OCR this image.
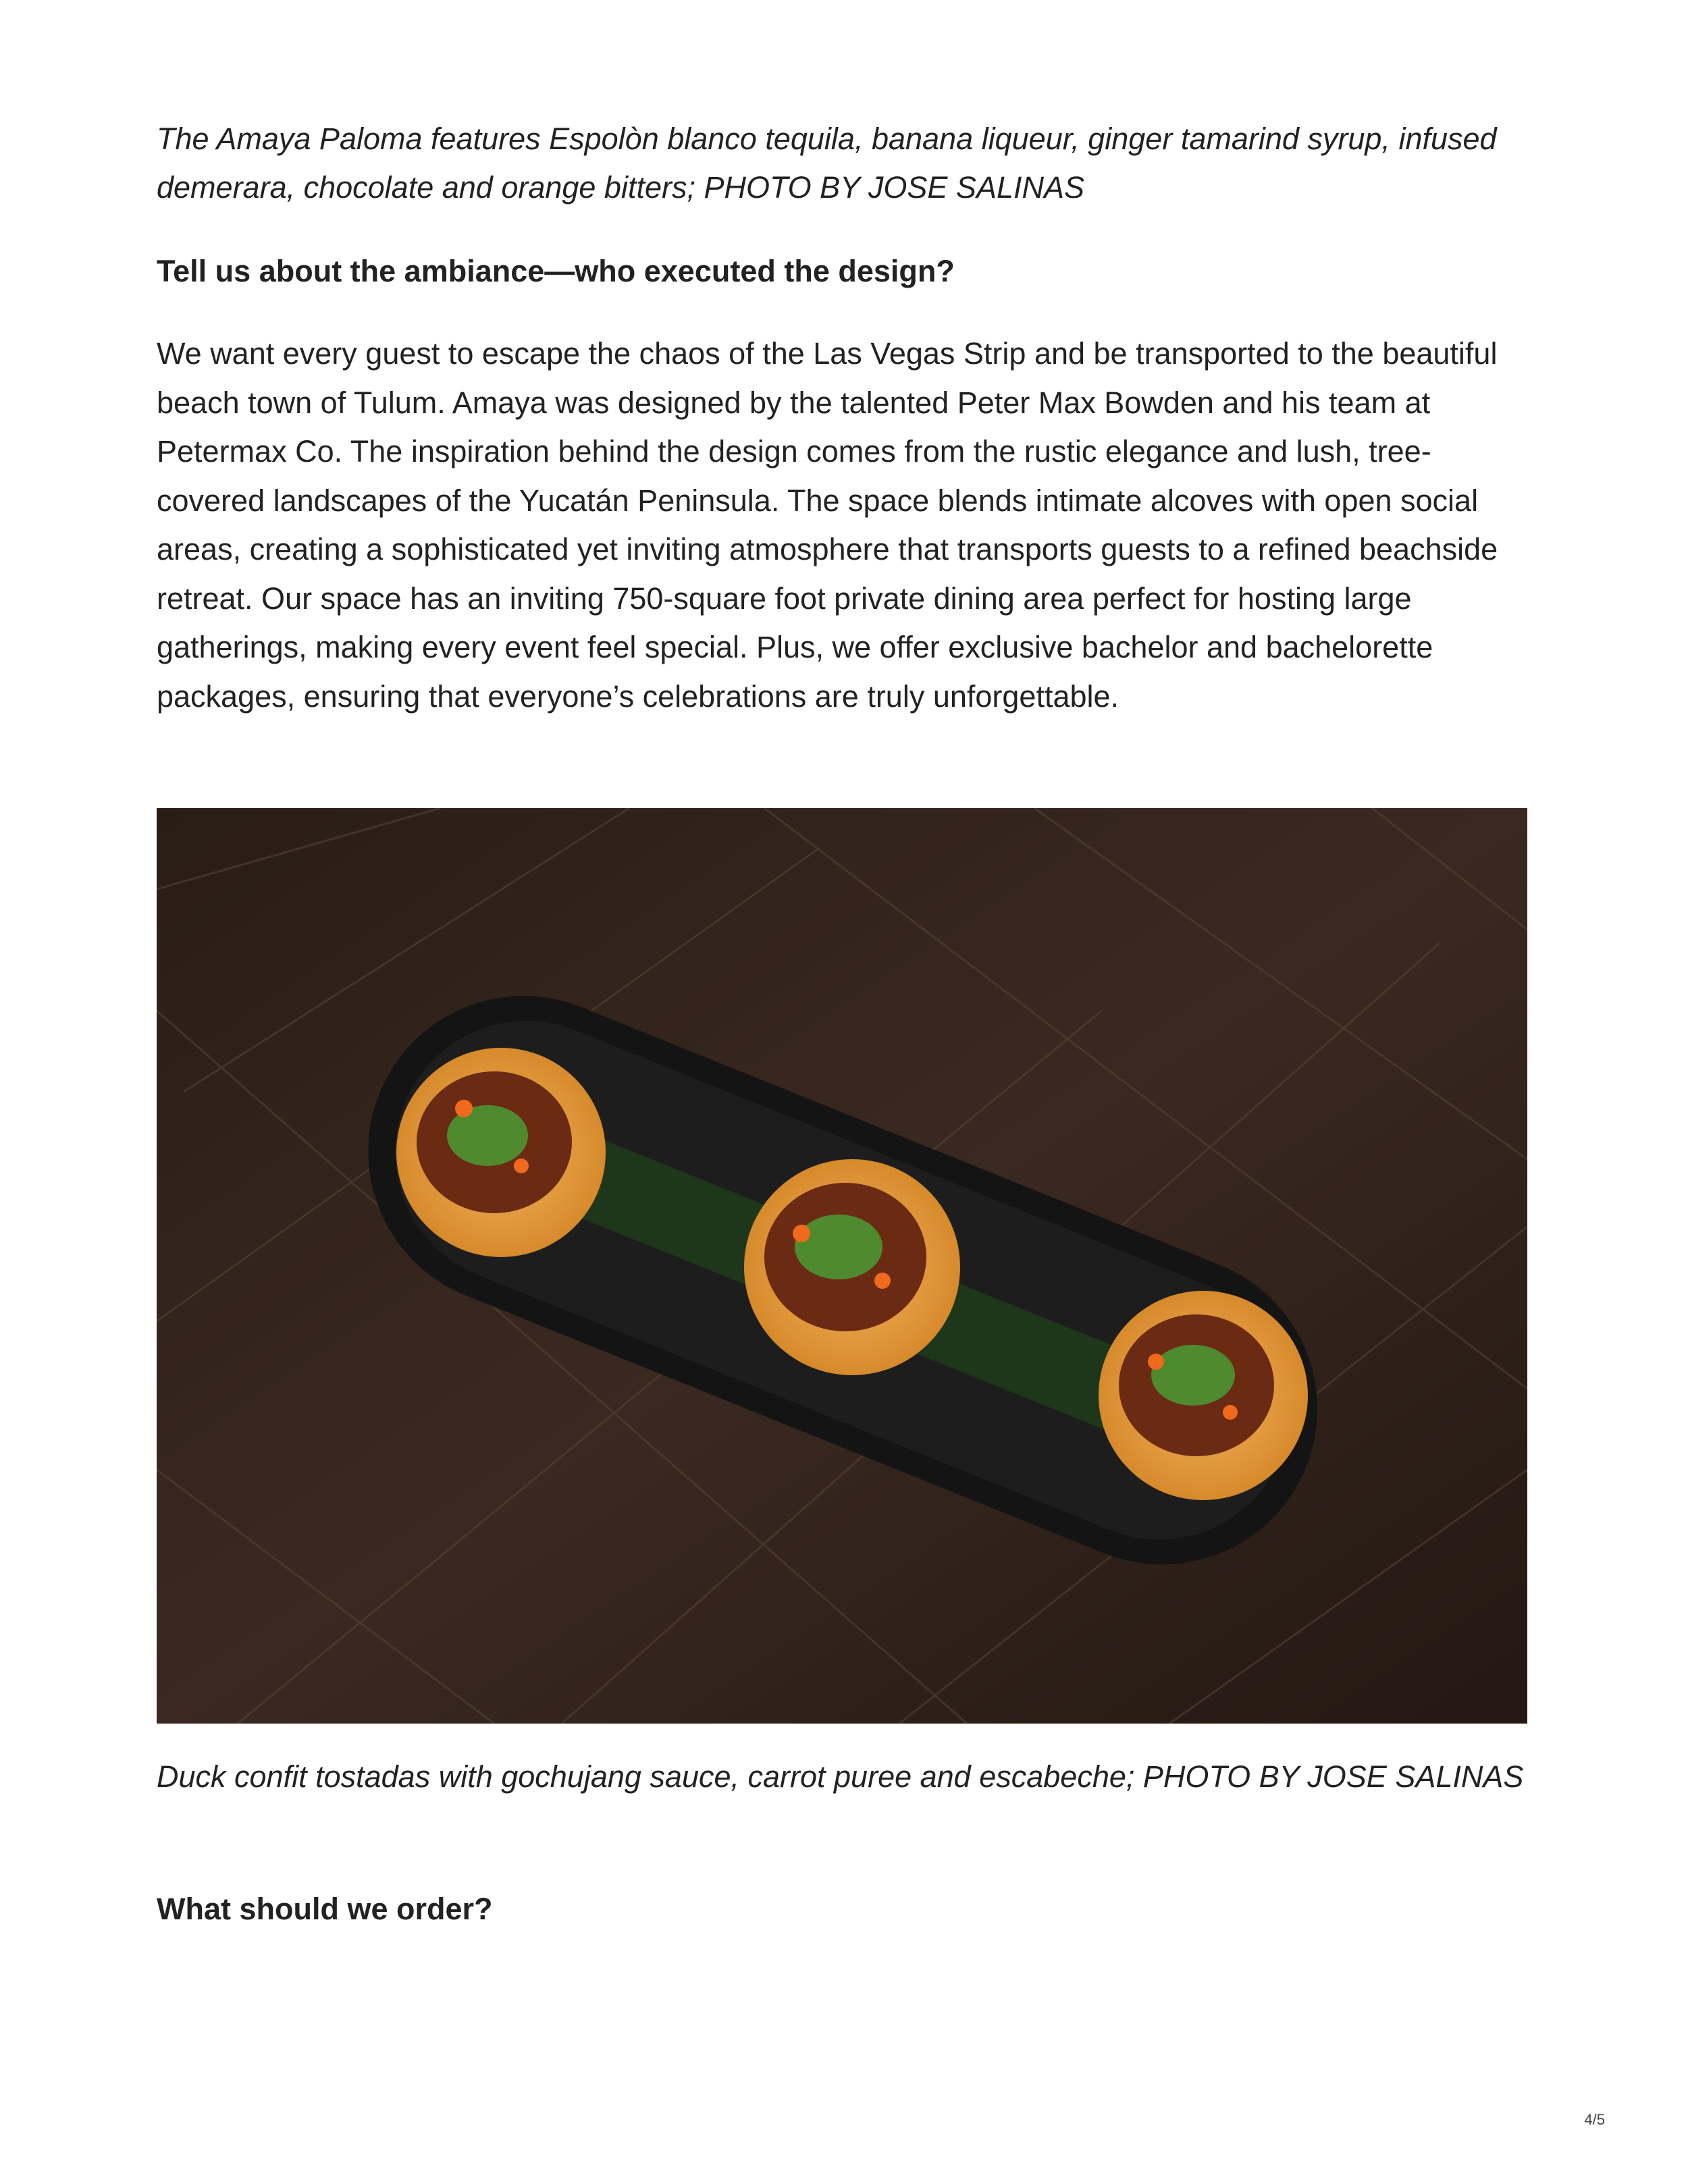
The Amaya Paloma features Espolòn blanco tequila, banana liqueur, ginger tamarind syrup, infused demerara, chocolate and orange bitters; PHOTO BY JOSE SALINAS

Tell us about the ambiance—who executed the design?

We want every guest to escape the chaos of the Las Vegas Strip and be transported to the beautiful beach town of Tulum. Amaya was designed by the talented Peter Max Bowden and his team at Petermax Co. The inspiration behind the design comes from the rustic elegance and lush, tree-covered landscapes of the Yucatán Peninsula. The space blends intimate alcoves with open social areas, creating a sophisticated yet inviting atmosphere that transports guests to a refined beachside retreat. Our space has an inviting 750-square foot private dining area perfect for hosting large gatherings, making every event feel special. Plus, we offer exclusive bachelor and bachelorette packages, ensuring that everyone’s celebrations are truly unforgettable.

Duck confit tostadas with gochujang sauce, carrot puree and escabeche; PHOTO BY JOSE SALINAS

What should we order?

4/5
